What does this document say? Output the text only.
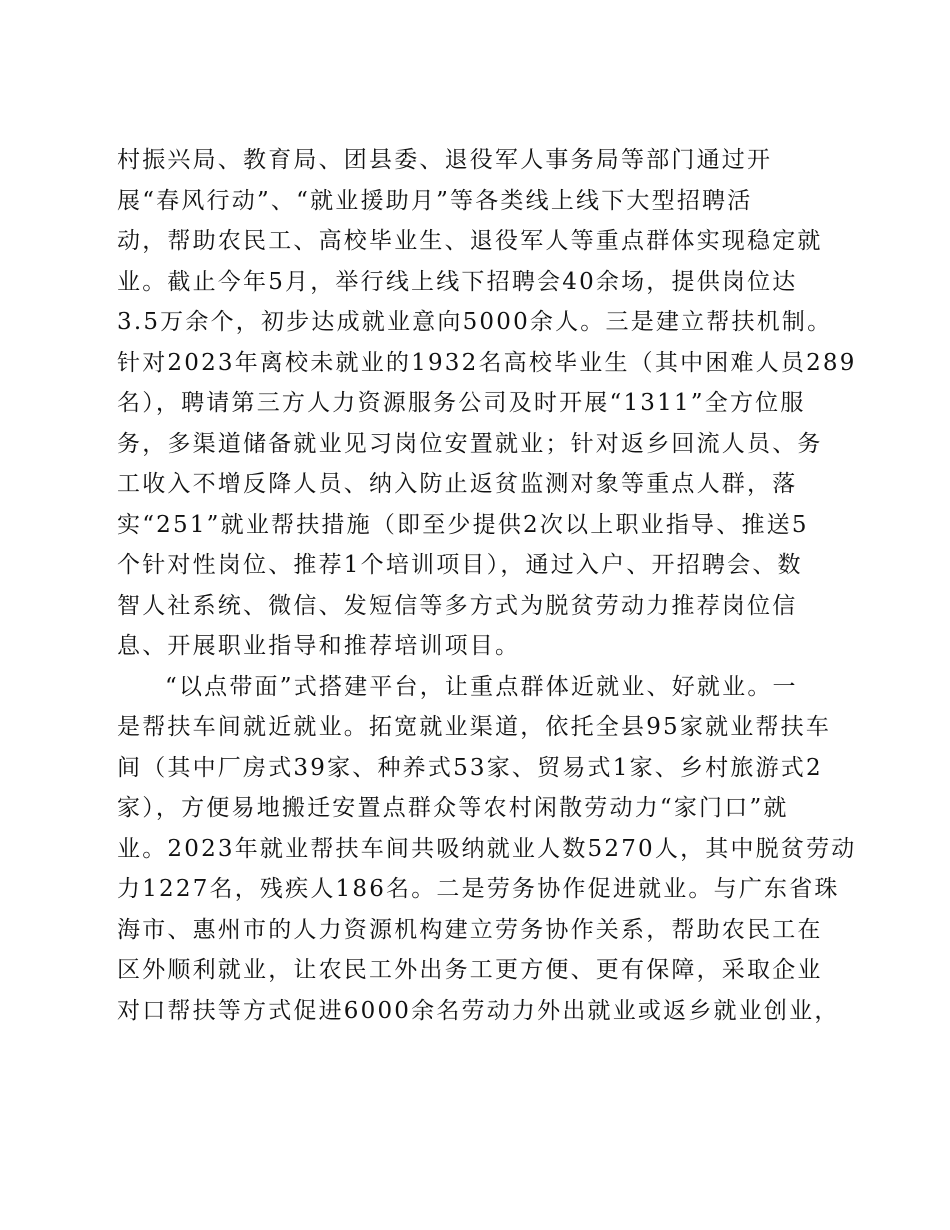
村振兴局、教育局、团县委、退役军人事务局等部门通过开
展“春风行动”、“就业援助月”等各类线上线下大型招聘活
动，帮助农民工、高校毕业生、退役军人等重点群体实现稳定就
业。截止今年5月，举行线上线下招聘会40余场，提供岗位达
3.5万余个，初步达成就业意向5000余人。三是建立帮扶机制。
针对2023年离校未就业的1932名高校毕业生（其中困难人员289
名），聘请第三方人力资源服务公司及时开展“1311”全方位服
务，多渠道储备就业见习岗位安置就业；针对返乡回流人员、务
工收入不增反降人员、纳入防止返贫监测对象等重点人群，落
实“251”就业帮扶措施（即至少提供2次以上职业指导、推送5
个针对性岗位、推荐1个培训项目），通过入户、开招聘会、数
智人社系统、微信、发短信等多方式为脱贫劳动力推荐岗位信
息、开展职业指导和推荐培训项目。
“以点带面”式搭建平台，让重点群体近就业、好就业。一
是帮扶车间就近就业。拓宽就业渠道，依托全县95家就业帮扶车
间（其中厂房式39家、种养式53家、贸易式1家、乡村旅游式2
家），方便易地搬迁安置点群众等农村闲散劳动力“家门口”就
业。2023年就业帮扶车间共吸纳就业人数5270人，其中脱贫劳动
力1227名，残疾人186名。二是劳务协作促进就业。与广东省珠
海市、惠州市的人力资源机构建立劳务协作关系，帮助农民工在
区外顺利就业，让农民工外出务工更方便、更有保障，采取企业
对口帮扶等方式促进6000余名劳动力外出就业或返乡就业创业，
